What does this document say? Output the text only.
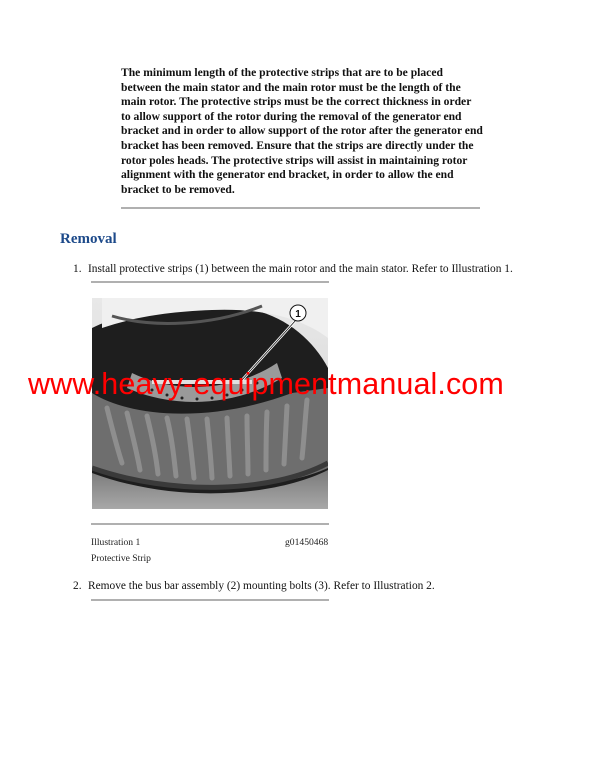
The minimum length of the protective strips that are to be placed between the main stator and the main rotor must be the length of the main rotor. The protective strips must be the correct thickness in order to allow support of the rotor during the removal of the generator end bracket and in order to allow support of the rotor after the generator end bracket has been removed. Ensure that the strips are directly under the rotor poles heads. The protective strips will assist in maintaining rotor alignment with the generator end bracket, in order to allow the end bracket to be removed.
Removal
1. Install protective strips (1) between the main rotor and the main stator. Refer to Illustration 1.
1
Illustration 1	g01450468
Protective Strip
2. Remove the bus bar assembly (2) mounting bolts (3). Refer to Illustration 2.
www.heavy-equipmentmanual.com
